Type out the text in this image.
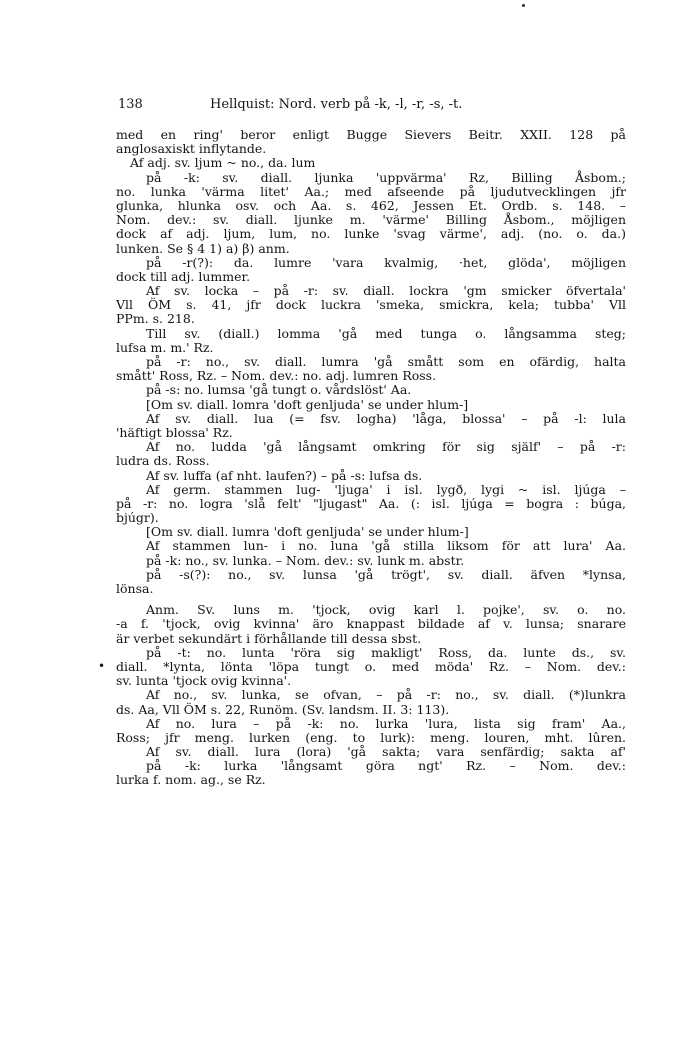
138	Hellquist: Nord. verb på -k, -l, -r, -s, -t.
•
med en ring' beror enligt Bugge Sievers Beitr. XXII. 128 på
anglosaxiskt inflytande.
Af adj. sv. ljum ~ no., da. lum
på -k: sv. diall. ljunka 'uppvärma' Rz, Billing Åsbom.;
no. lunka 'värma litet' Aa.; med afseende på ljudutvecklingen jfr
glunka, hlunka osv. och Aa. s. 462, Jessen Et. Ordb. s. 148. –
Nom. dev.: sv. diall. ljunke m. 'värme' Billing Åsbom., möjligen
dock af adj. ljum, lum, no. lunke 'svag värme', adj. (no. o. da.)
lunken. Se § 4 1) a) β) anm.
på -r(?): da. lumre 'vara kvalmig, ·het, glöda', möjligen
dock till adj. lummer.
Af sv. locka – på -r: sv. diall. lockra 'gm smicker öfvertala'
Vll ÖM s. 41, jfr dock luckra 'smeka, smickra, kela; tubba' Vll
PPm. s. 218.
Till sv. (diall.) lomma 'gå med tunga o. långsamma steg;
lufsa m. m.' Rz.
på -r: no., sv. diall. lumra 'gå smått som en ofärdig, halta
smått' Ross, Rz. – Nom. dev.: no. adj. lumren Ross.
på -s: no. lumsa 'gå tungt o. vårdslöst' Aa.
[Om sv. diall. lomra 'doft genljuda' se under hlum-]
Af sv. diall. lua (= fsv. logha) 'låga, blossa' – på -l: lula
'häftigt blossa' Rz.
Af no. ludda 'gå långsamt omkring för sig själf' – på -r:
ludra ds. Ross.
Af sv. luffa (af nht. laufen?) – på -s: lufsa ds.
Af germ. stammen lug- 'ljuga' i isl. lygð, lygi ~ isl. ljúga –
på -r: no. logra 'slå felt' "ljugast" Aa. (: isl. ljúga = bogra : búga,
bjúgr).
[Om sv. diall. lumra 'doft genljuda' se under hlum-]
Af stammen lun- i no. luna 'gå stilla liksom för att lura' Aa.
på -k: no., sv. lunka. – Nom. dev.: sv. lunk m. abstr.
på -s(?): no., sv. lunsa 'gå trögt', sv. diall. äfven *lynsa,
lönsa.
Anm. Sv. luns m. 'tjock, ovig karl l. pojke', sv. o. no.
-a f. 'tjock, ovig kvinna' äro knappast bildade af v. lunsa; snarare
är verbet sekundärt i förhållande till dessa sbst.
på -t: no. lunta 'röra sig makligt' Ross, da. lunte ds., sv.
diall. *lynta, lönta 'löpa tungt o. med möda' Rz. – Nom. dev.:
sv. lunta 'tjock ovig kvinna'.
Af no., sv. lunka, se ofvan, – på -r: no., sv. diall. (*)lunkra
ds. Aa, Vll ÖM s. 22, Runöm. (Sv. landsm. II. 3: 113).
Af no. lura – på -k: no. lurka 'lura, lista sig fram' Aa.,
Ross; jfr meng. lurken (eng. to lurk): meng. louren, mht. lûren.
Af sv. diall. lura (lora) 'gå sakta; vara senfärdig; sakta af'
på -k: lurka 'långsamt göra ngt' Rz. – Nom. dev.:
lurka f. nom. ag., se Rz.
